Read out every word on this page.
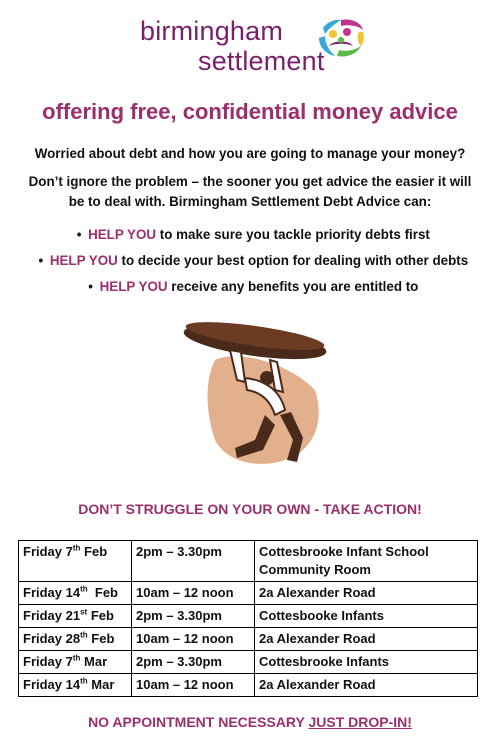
birmingham
settlement
offering free, confidential money advice

Worried about debt and how you are going to manage your money?

Don’t ignore the problem – the sooner you get advice the easier it will be to deal with. Birmingham Settlement Debt Advice can:

• HELP YOU to make sure you tackle priority debts first
• HELP YOU to decide your best option for dealing with other debts
• HELP YOU receive any benefits you are entitled to
DON’T STRUGGLE ON YOUR OWN - TAKE ACTION!
Friday 7th Feb	2pm – 3.30pm	Cottesbrooke Infant School Community Room
Friday 14th  Feb	10am – 12 noon	2a Alexander Road
Friday 21st Feb	2pm – 3.30pm	Cottesbooke Infants
Friday 28th Feb	10am – 12 noon	2a Alexander Road
Friday 7th Mar	2pm – 3.30pm	Cottesbrooke Infants
Friday 14th Mar	10am – 12 noon	2a Alexander Road
NO APPOINTMENT NECESSARY JUST DROP-IN!
